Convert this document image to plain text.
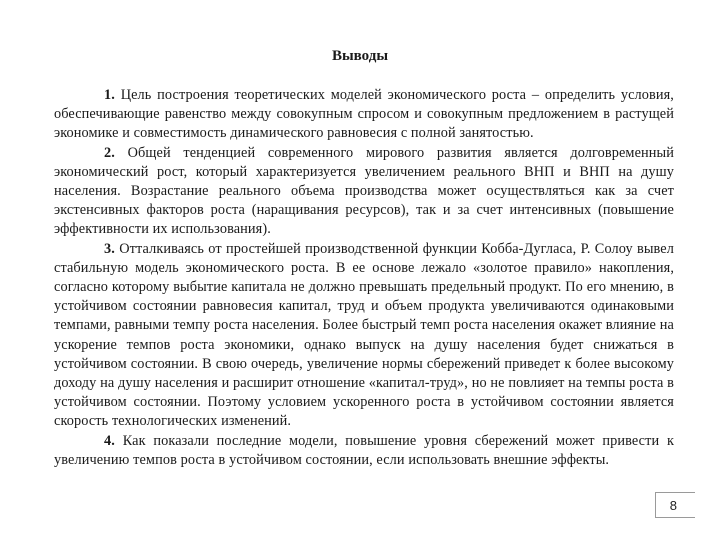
Выводы

1. Цель построения теоретических моделей экономического роста – определить условия, обеспечивающие равенство между совокупным спросом и совокупным предложением в растущей экономике и совместимость динамического равновесия с полной занятостью.

2. Общей тенденцией современного мирового развития является долговременный экономический рост, который характеризуется увеличением реального ВНП и ВНП на душу населения. Возрастание реального объема производства может осуществляться как за счет экстенсивных факторов роста (наращивания ресурсов), так и за счет интенсивных (повышение эффективности их использования).

3. Отталкиваясь от простейшей производственной функции Кобба-Дугласа, Р. Солоу вывел стабильную модель экономического роста. В ее основе лежало «золотое правило» накопления, согласно которому выбытие капитала не должно превышать предельный продукт. По его мнению, в устойчивом состоянии равновесия капитал, труд и объем продукта увеличиваются одинаковыми темпами, равными темпу роста населения. Более быстрый темп роста населения окажет влияние на ускорение темпов роста экономики, однако выпуск на душу населения будет снижаться в устойчивом состоянии. В свою очередь, увеличение нормы сбережений приведет к более высокому доходу на душу населения и расширит отношение «капитал-труд», но не повлияет на темпы роста в устойчивом состоянии. Поэтому условием ускоренного роста в устойчивом состоянии является скорость технологических изменений.

4. Как показали последние модели, повышение уровня сбережений может привести к увеличению темпов роста в устойчивом состоянии, если использовать внешние эффекты.

8
